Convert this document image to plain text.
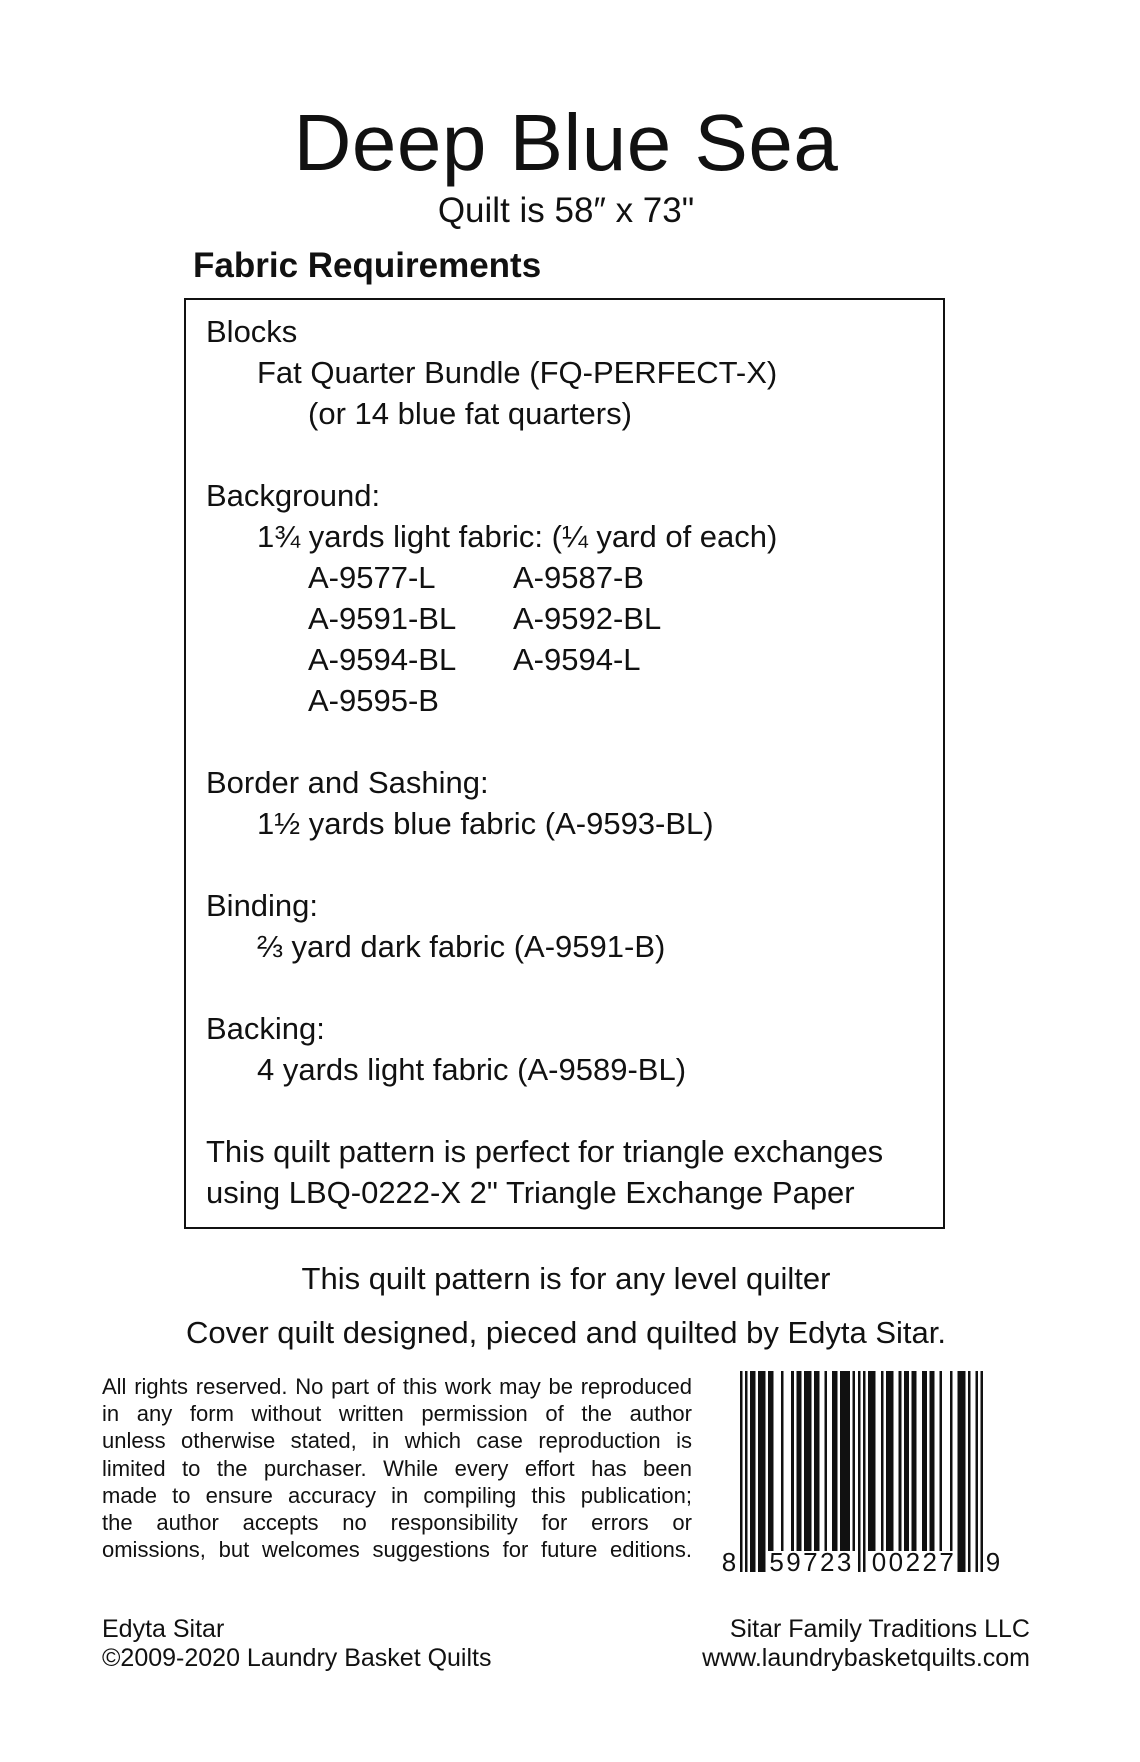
Deep Blue Sea
Quilt is 58″ x 73"
Fabric Requirements
Blocks
Fat Quarter Bundle (FQ-PERFECT-X)
(or 14 blue fat quarters)
Background:
1¾ yards light fabric: (¼ yard of each)
A-9577-L	A-9587-B
A-9591-BL	A-9592-BL
A-9594-BL	A-9594-L
A-9595-B
Border and Sashing:
1½ yards blue fabric (A-9593-BL)
Binding:
⅔ yard dark fabric (A-9591-B)
Backing:
4 yards light fabric (A-9589-BL)
This quilt pattern is perfect for triangle exchanges
using LBQ-0222-X 2" Triangle Exchange Paper
This quilt pattern is for any level quilter
Cover quilt designed, pieced and quilted by Edyta Sitar.
All rights reserved. No part of this work may be reproduced
in any form without written permission of the author
unless otherwise stated, in which case reproduction is
limited to the purchaser. While every effort has been
made to ensure accuracy in compiling this publication;
the author accepts no responsibility for errors or
omissions, but welcomes suggestions for future editions. 8 59723 00227 9
Edyta Sitar
©2009-2020 Laundry Basket Quilts
Sitar Family Traditions LLC
www.laundrybasketquilts.com
